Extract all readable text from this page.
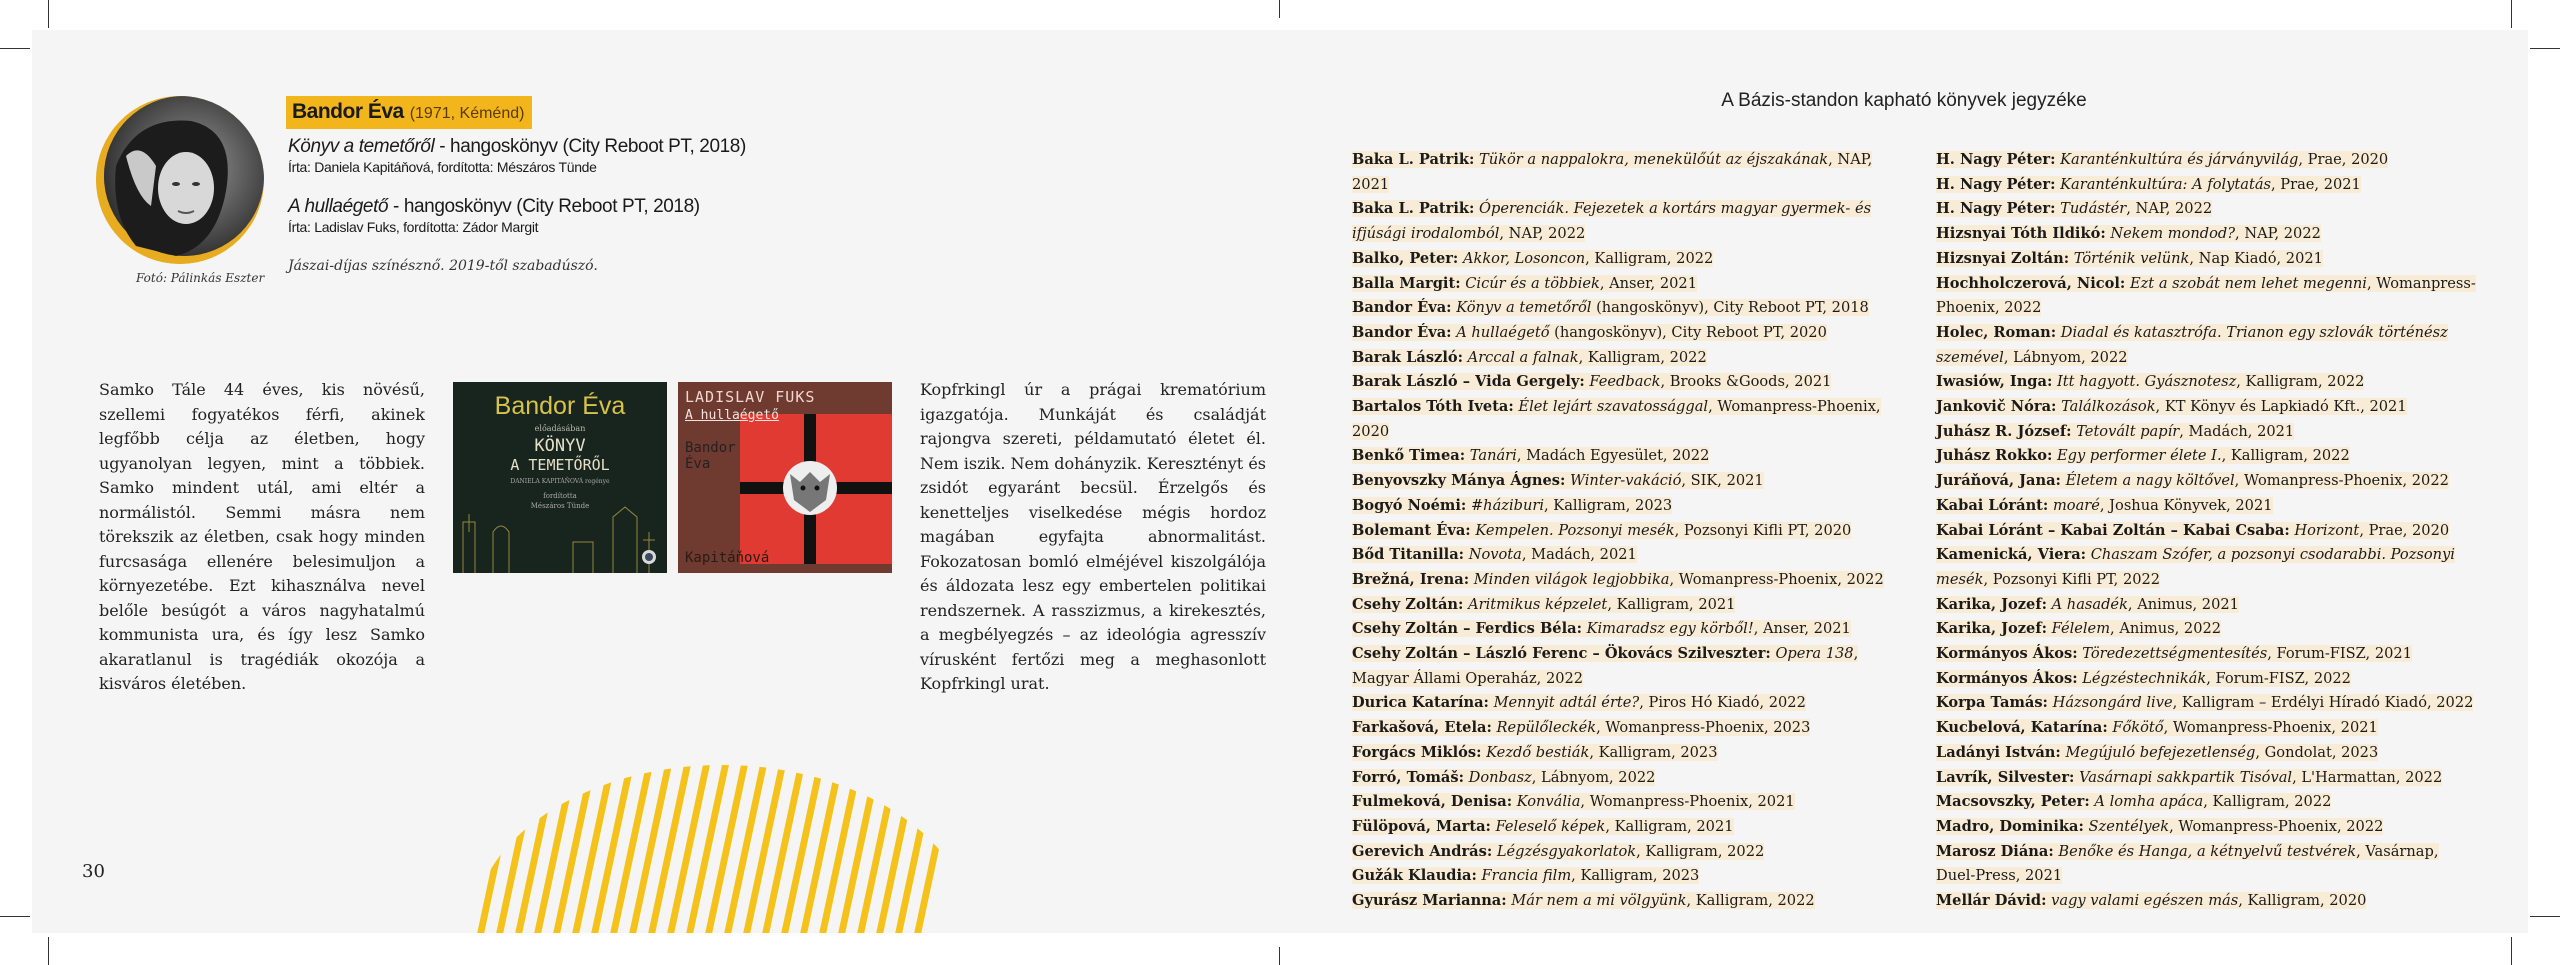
Fotó: Pálinkás Eszter
Bandor Éva (1971, Kéménd)
Könyv a temetőről - hangoskönyv (City Reboot PT, 2018)
Írta: Daniela Kapitáňová, fordította: Mészáros Tünde
A hullaégető - hangoskönyv (City Reboot PT, 2018)
Írta: Ladislav Fuks, fordította: Zádor Margit
Jászai-díjas színésznő. 2019-től szabadúszó.
Samko Tále 44 éves, kis növésű, szellemi fogyatékos férfi, akinek legfőbb célja az életben, hogy ugyanolyan legyen, mint a többiek. Samko mindent utál, ami eltér a normálistól. Semmi másra nem törekszik az életben, csak hogy minden furcsasága ellenére belesimuljon a környezetébe. Ezt kihasználva nevel belőle besúgót a város nagyhatalmú kommunista ura, és így lesz Samko akaratlanul is tragédiák okozója a kisváros életében.
Bandor Éva
előadásában
KÖNYV
A TEMETŐRŐL
DANIELA KAPITÁŇOVÁ regénye
fordította
Mészáros Tünde
LADISLAV FUKS
A hullaégető
Bandor
Éva
Kapitáňová
Kopfrkingl úr a prágai krematórium igazgatója. Munkáját és családját rajongva szereti, példamutató életet él. Nem iszik. Nem dohányzik. Keresztényt és zsidót egyaránt becsül. Érzelgős és kenetteljes viselkedése mégis hordoz magában egyfajta abnormalitást. Fokozatosan bomló elméjével kiszolgálója és áldozata lesz egy embertelen politikai rendszernek. A rasszizmus, a kirekesztés, a megbélyegzés – az ideológia agresszív vírusként fertőzi meg a meghasonlott Kopfrkingl urat.
30
A Bázis-standon kapható könyvek jegyzéke
Baka L. Patrik: Tükör a nappalokra, menekülőút az éjszakának, NAP, 2021
Baka L. Patrik: Óperenciák. Fejezetek a kortárs magyar gyermek- és ifjúsági irodalomból, NAP, 2022
Balko, Peter: Akkor, Losoncon, Kalligram, 2022
Balla Margit: Cicúr és a többiek, Anser, 2021
Bandor Éva: Könyv a temetőről (hangoskönyv), City Reboot PT, 2018
Bandor Éva: A hullaégető (hangoskönyv), City Reboot PT, 2020
Barak László: Arccal a falnak, Kalligram, 2022
Barak László – Vida Gergely: Feedback, Brooks &Goods, 2021
Bartalos Tóth Iveta: Élet lejárt szavatossággal, Womanpress-Phoenix, 2020
Benkő Timea: Tanári, Madách Egyesület, 2022
Benyovszky Mánya Ágnes: Winter-vakáció, SIK, 2021
Bogyó Noémi: #háziburi, Kalligram, 2023
Bolemant Éva: Kempelen. Pozsonyi mesék, Pozsonyi Kifli PT, 2020
Bőd Titanilla: Novota, Madách, 2021
Brežná, Irena: Minden világok legjobbika, Womanpress-Phoenix, 2022
Csehy Zoltán: Aritmikus képzelet, Kalligram, 2021
Csehy Zoltán – Ferdics Béla: Kimaradsz egy körből!, Anser, 2021
Csehy Zoltán – László Ferenc – Ökovács Szilveszter: Opera 138, Magyar Állami Operaház, 2022
Durica Katarína: Mennyit adtál érte?, Piros Hó Kiadó, 2022
Farkašová, Etela: Repülőleckék, Womanpress-Phoenix, 2023
Forgács Miklós: Kezdő bestiák, Kalligram, 2023
Forró, Tomáš: Donbasz, Lábnyom, 2022
Fulmeková, Denisa: Konvália, Womanpress-Phoenix, 2021
Fülöpová, Marta: Feleselő képek, Kalligram, 2021
Gerevich András: Légzésgyakorlatok, Kalligram, 2022
Gužák Klaudia: Francia film, Kalligram, 2023
Gyurász Marianna: Már nem a mi völgyünk, Kalligram, 2022
H. Nagy Péter: Karanténkultúra és járványvilág, Prae, 2020
H. Nagy Péter: Karanténkultúra: A folytatás, Prae, 2021
H. Nagy Péter: Tudástér, NAP, 2022
Hizsnyai Tóth Ildikó: Nekem mondod?, NAP, 2022
Hizsnyai Zoltán: Történik velünk, Nap Kiadó, 2021
Hochholczerová, Nicol: Ezt a szobát nem lehet megenni, Womanpress-Phoenix, 2022
Holec, Roman: Diadal és katasztrófa. Trianon egy szlovák történész szemével, Lábnyom, 2022
Iwasiów, Inga: Itt hagyott. Gyásznotesz, Kalligram, 2022
Jankovič Nóra: Találkozások, KT Könyv és Lapkiadó Kft., 2021
Juhász R. József: Tetovált papír, Madách, 2021
Juhász Rokko: Egy performer élete I., Kalligram, 2022
Juráňová, Jana: Életem a nagy költővel, Womanpress-Phoenix, 2022
Kabai Lóránt: moaré, Joshua Könyvek, 2021
Kabai Lóránt – Kabai Zoltán – Kabai Csaba: Horizont, Prae, 2020
Kamenická, Viera: Chaszam Szófer, a pozsonyi csodarabbi. Pozsonyi mesék, Pozsonyi Kifli PT, 2022
Karika, Jozef: A hasadék, Animus, 2021
Karika, Jozef: Félelem, Animus, 2022
Kormányos Ákos: Töredezettségmentesítés, Forum-FISZ, 2021
Kormányos Ákos: Légzéstechnikák, Forum-FISZ, 2022
Korpa Tamás: Házsongárd live, Kalligram – Erdélyi Híradó Kiadó, 2022
Kucbelová, Katarína: Főkötő, Womanpress-Phoenix, 2021
Ladányi István: Megújuló befejezetlenség, Gondolat, 2023
Lavrík, Silvester: Vasárnapi sakkpartik Tisóval, L'Harmattan, 2022
Macsovszky, Peter: A lomha apáca, Kalligram, 2022
Madro, Dominika: Szentélyek, Womanpress-Phoenix, 2022
Marosz Diána: Benőke és Hanga, a kétnyelvű testvérek, Vasárnap, Duel-Press, 2021
Mellár Dávid: vagy valami egészen más, Kalligram, 2020
